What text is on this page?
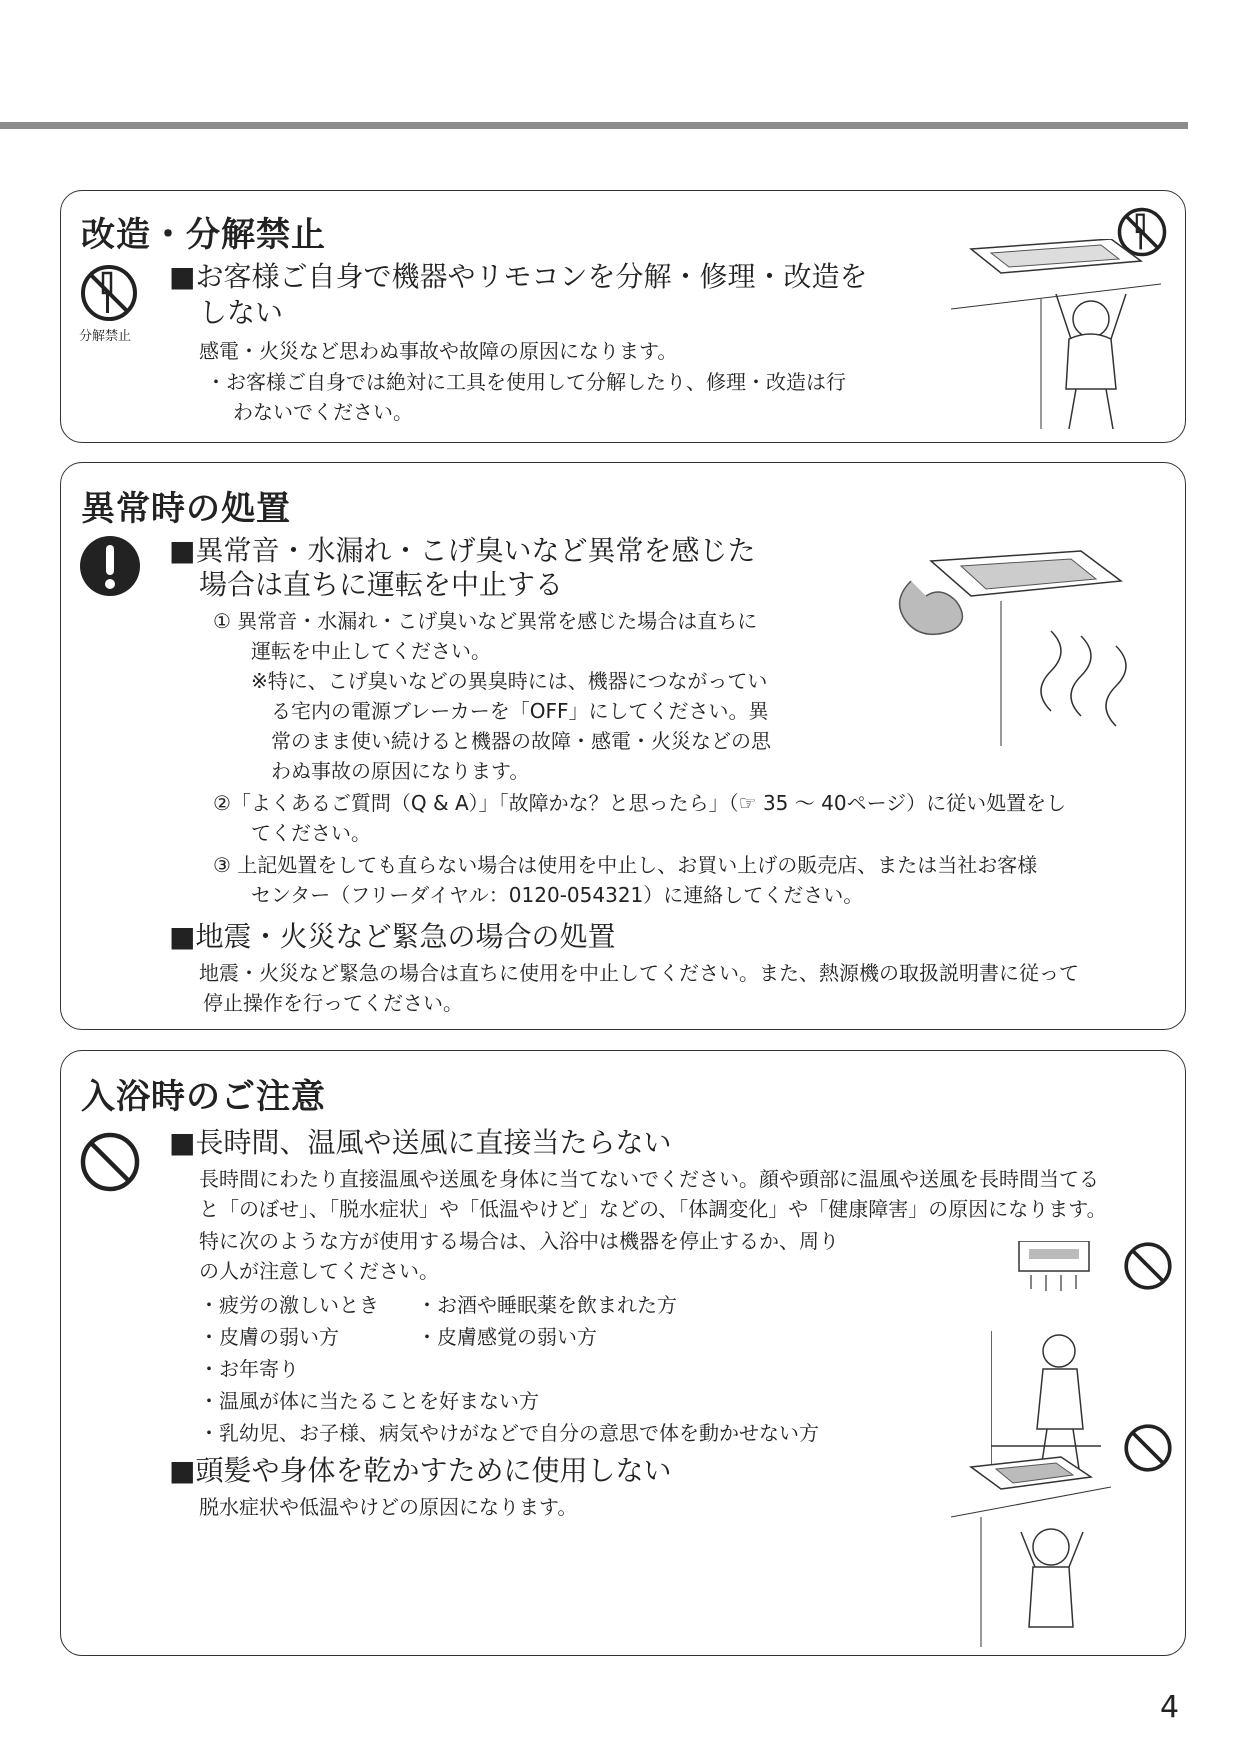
改造・分解禁止

分解禁止

■お客様ご自身で機器やリモコンを分解・修理・改造を

しない

感電・火災など思わぬ事故や故障の原因になります。

・お客様ご自身では絶対に工具を使用して分解したり、修理・改造は行

わないでください。

異常時の処置

■異常音・水漏れ・こげ臭いなど異常を感じた

場合は直ちに運転を中止する

① 異常音・水漏れ・こげ臭いなど異常を感じた場合は直ちに

運転を中止してください。

※特に、こげ臭いなどの異臭時には、機器につながってい

る宅内の電源ブレーカーを「OFF」にしてください。異

常のまま使い続けると機器の故障・感電・火災などの思

わぬ事故の原因になります。

②「よくあるご質問（Q & A）」「故障かな？と思ったら」（☞ 35 ～ 40ページ）に従い処置をし

てください。

③ 上記処置をしても直らない場合は使用を中止し、お買い上げの販売店、または当社お客様

センター（フリーダイヤル：0120-054321）に連絡してください。

■地震・火災など緊急の場合の処置

地震・火災など緊急の場合は直ちに使用を中止してください。また、熱源機の取扱説明書に従って

停止操作を行ってください。

入浴時のご注意

■長時間、温風や送風に直接当たらない

長時間にわたり直接温風や送風を身体に当てないでください。顔や頭部に温風や送風を長時間当てる

と「のぼせ」、「脱水症状」や「低温やけど」などの、「体調変化」や「健康障害」の原因になります。

特に次のような方が使用する場合は、入浴中は機器を停止するか、周り

の人が注意してください。

・疲労の激しいとき ・お酒や睡眠薬を飲まれた方

・皮膚の弱い方	・皮膚感覚の弱い方

・お年寄り

・温風が体に当たることを好まない方

・乳幼児、お子様、病気やけがなどで自分の意思で体を動かせない方

■頭髪や身体を乾かすために使用しない

脱水症状や低温やけどの原因になります。

4
